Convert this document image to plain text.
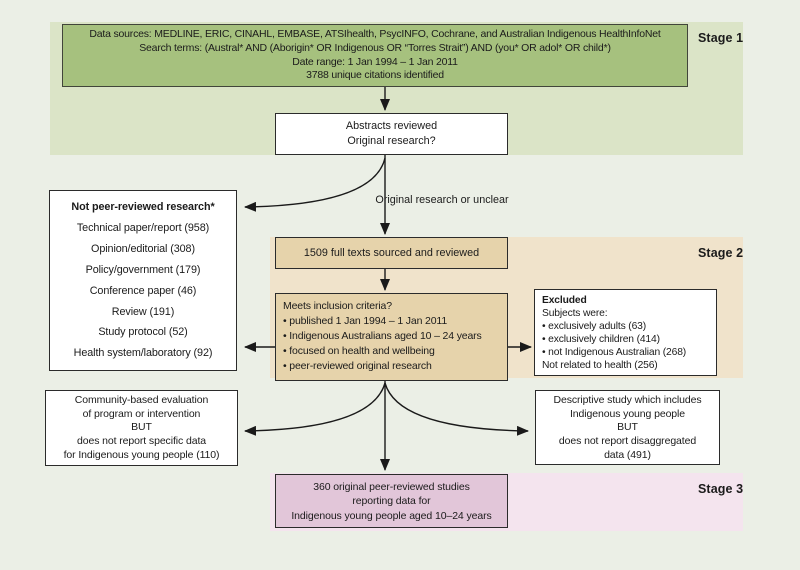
Stage 1
Stage 2
Stage 3
Data sources: MEDLINE, ERIC, CINAHL, EMBASE, ATSIhealth, PsycINFO, Cochrane, and Australian Indigenous HealthInfoNet
Search terms: (Austral* AND (Aborigin* OR Indigenous OR “Torres Strait”) AND (you* OR adol* OR child*)
Date range: 1 Jan 1994 – 1 Jan 2011
3788 unique citations identified
Abstracts reviewed
Original research?
Original research or unclear
Not peer-reviewed research*
Technical paper/report (958)
Opinion/editorial (308)
Policy/government (179)
Conference paper (46)
Review (191)
Study protocol (52)
Health system/laboratory (92)
1509 full texts sourced and reviewed
Meets inclusion criteria?
• published 1 Jan 1994 – 1 Jan 2011
• Indigenous Australians aged 10 – 24 years
• focused on health and wellbeing
• peer-reviewed original research
Excluded
Subjects were:
• exclusively adults (63)
• exclusively children (414)
• not Indigenous Australian (268)
Not related to health (256)
Community-based evaluation
of program or intervention
BUT
does not report specific data
for Indigenous young people (110)
Descriptive study which includes
Indigenous young people
BUT
does not report disaggregated
data (491)
360 original peer-reviewed studies
reporting data for
Indigenous young people aged 10–24 years
